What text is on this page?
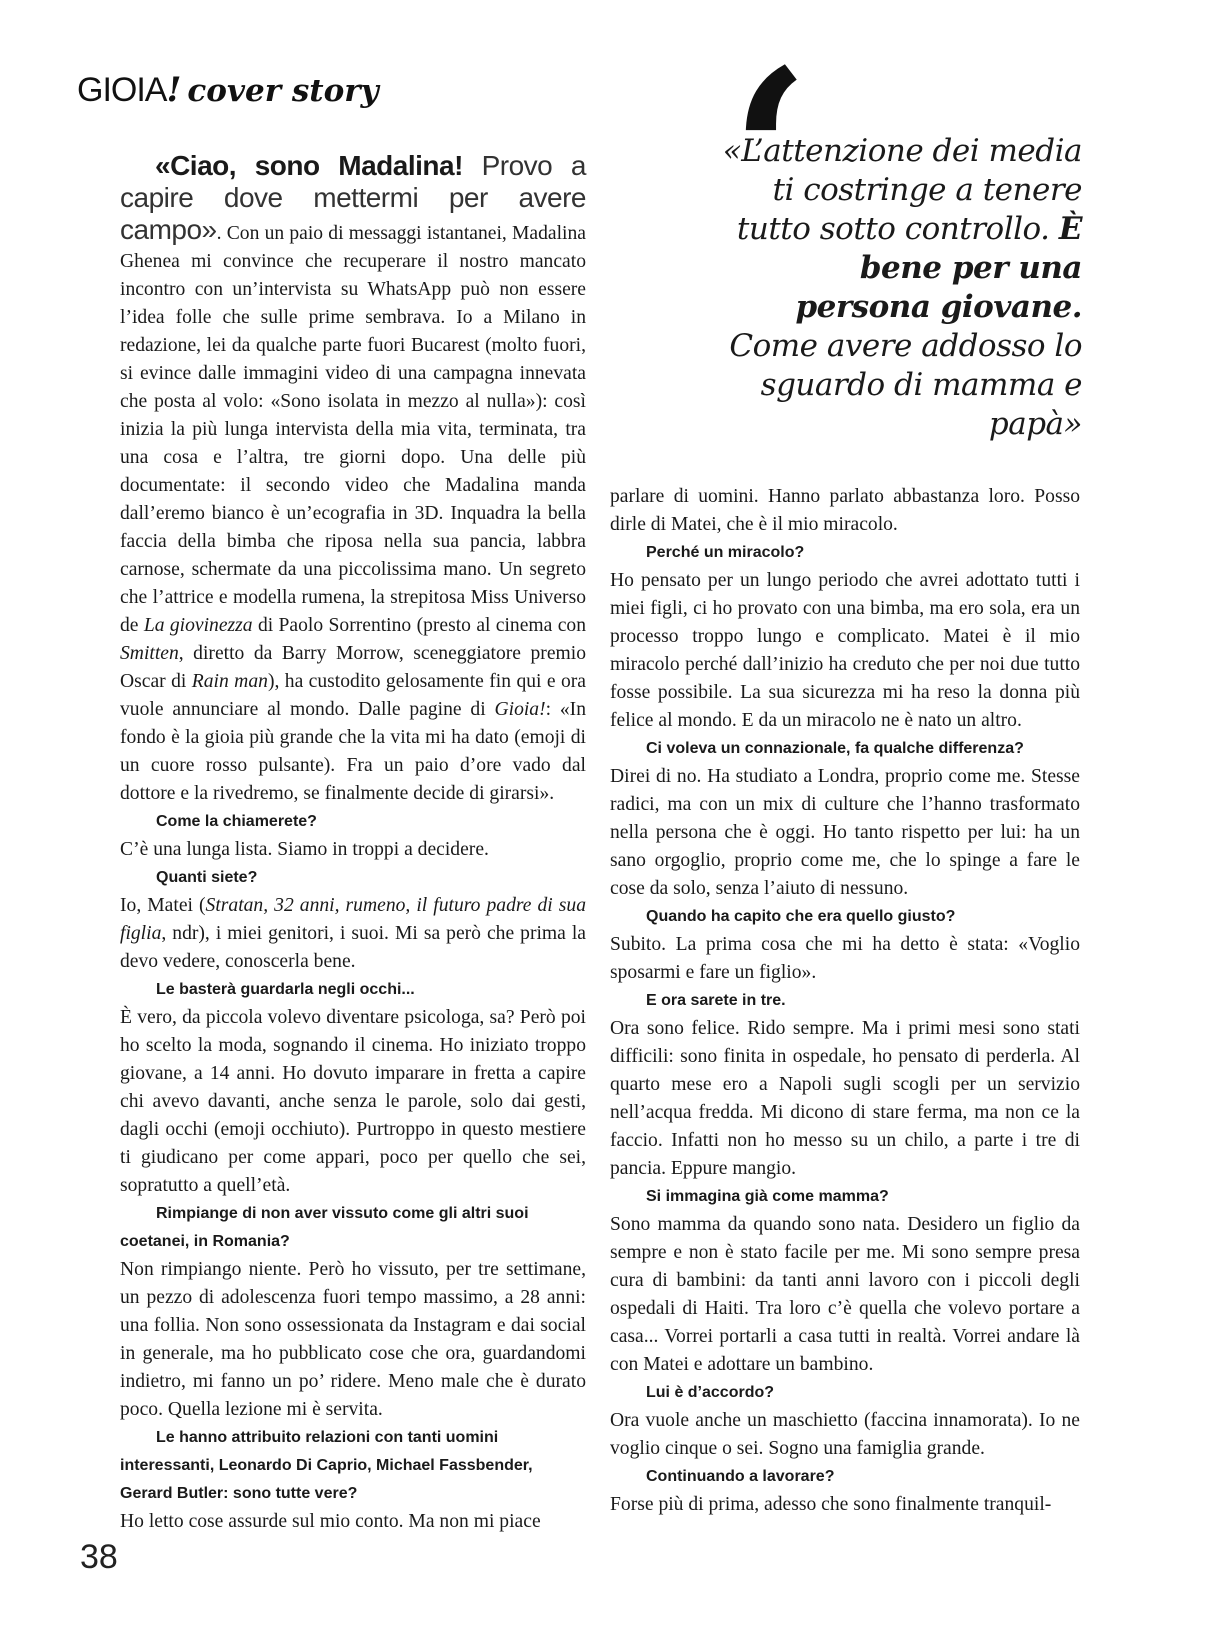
GIOIA! cover story ‘
«L’attenzione dei media ti costringe a tenere tutto sotto controllo. È bene per una persona giovane. Come avere addosso lo sguardo di mamma e papà»

«Ciao, sono Madalina! Provo a capire dove mettermi per avere campo». Con un paio di messaggi istantanei, Madalina Ghenea mi convince che recuperare il nostro mancato incontro con un’intervista su WhatsApp può non essere l’idea folle che sulle prime sembrava. Io a Milano in redazione, lei da qualche parte fuori Bucarest (molto fuori, si evince dalle immagini video di una campagna innevata che posta al volo: «Sono isolata in mezzo al nulla»): così inizia la più lunga intervista della mia vita, terminata, tra una cosa e l’altra, tre giorni dopo. Una delle più documentate: il secondo video che Madalina manda dall’eremo bianco è un’ecografia in 3D. Inquadra la bella faccia della bimba che riposa nella sua pancia, labbra carnose, schermate da una piccolissima mano. Un segreto che l’attrice e modella rumena, la strepitosa Miss Universo de La giovinezza di Paolo Sorrentino (presto al cinema con Smitten, diretto da Barry Morrow, sceneggiatore premio Oscar di Rain man), ha custodito gelosamente fin qui e ora vuole annunciare al mondo. Dalle pagine di Gioia!: «In fondo è la gioia più grande che la vita mi ha dato (emoji di un cuore rosso pulsante). Fra un paio d’ore vado dal dottore e la rivedremo, se finalmente decide di girarsi».

Come la chiamerete?

C’è una lunga lista. Siamo in troppi a decidere.

Quanti siete?

Io, Matei (Stratan, 32 anni, rumeno, il futuro padre di sua figlia, ndr), i miei genitori, i suoi. Mi sa però che prima la devo vedere, conoscerla bene.

Le basterà guardarla negli occhi...

È vero, da piccola volevo diventare psicologa, sa? Però poi ho scelto la moda, sognando il cinema. Ho iniziato troppo giovane, a 14 anni. Ho dovuto imparare in fretta a capire chi avevo davanti, anche senza le parole, solo dai gesti, dagli occhi (emoji occhiuto). Purtroppo in questo mestiere ti giudicano per come appari, poco per quello che sei, sopratutto a quell’età.

Rimpiange di non aver vissuto come gli altri suoi coetanei, in Romania?

Non rimpiango niente. Però ho vissuto, per tre settimane, un pezzo di adolescenza fuori tempo massimo, a 28 anni: una follia. Non sono ossessionata da Instagram e dai social in generale, ma ho pubblicato cose che ora, guardandomi indietro, mi fanno un po’ ridere. Meno male che è durato poco. Quella lezione mi è servita.

Le hanno attribuito relazioni con tanti uomini interessanti, Leonardo Di Caprio, Michael Fassbender, Gerard Butler: sono tutte vere?

Ho letto cose assurde sul mio conto. Ma non mi piace

parlare di uomini. Hanno parlato abbastanza loro. Posso dirle di Matei, che è il mio miracolo.

Perché un miracolo?

Ho pensato per un lungo periodo che avrei adottato tutti i miei figli, ci ho provato con una bimba, ma ero sola, era un processo troppo lungo e complicato. Matei è il mio miracolo perché dall’inizio ha creduto che per noi due tutto fosse possibile. La sua sicurezza mi ha reso la donna più felice al mondo. E da un miracolo ne è nato un altro.

Ci voleva un connazionale, fa qualche differenza?

Direi di no. Ha studiato a Londra, proprio come me. Stesse radici, ma con un mix di culture che l’hanno trasformato nella persona che è oggi. Ho tanto rispetto per lui: ha un sano orgoglio, proprio come me, che lo spinge a fare le cose da solo, senza l’aiuto di nessuno.

Quando ha capito che era quello giusto?

Subito. La prima cosa che mi ha detto è stata: «Voglio sposarmi e fare un figlio».

E ora sarete in tre.

Ora sono felice. Rido sempre. Ma i primi mesi sono stati difficili: sono finita in ospedale, ho pensato di perderla. Al quarto mese ero a Napoli sugli scogli per un servizio nell’acqua fredda. Mi dicono di stare ferma, ma non ce la faccio. Infatti non ho messo su un chilo, a parte i tre di pancia. Eppure mangio.

Si immagina già come mamma?

Sono mamma da quando sono nata. Desidero un figlio da sempre e non è stato facile per me. Mi sono sempre presa cura di bambini: da tanti anni lavoro con i piccoli degli ospedali di Haiti. Tra loro c’è quella che volevo portare a casa... Vorrei portarli a casa tutti in realtà. Vorrei andare là con Matei e adottare un bambino.

Lui è d’accordo?

Ora vuole anche un maschietto (faccina innamorata). Io ne voglio cinque o sei. Sogno una famiglia grande.

Continuando a lavorare?

Forse più di prima, adesso che sono finalmente tranquil-

38
